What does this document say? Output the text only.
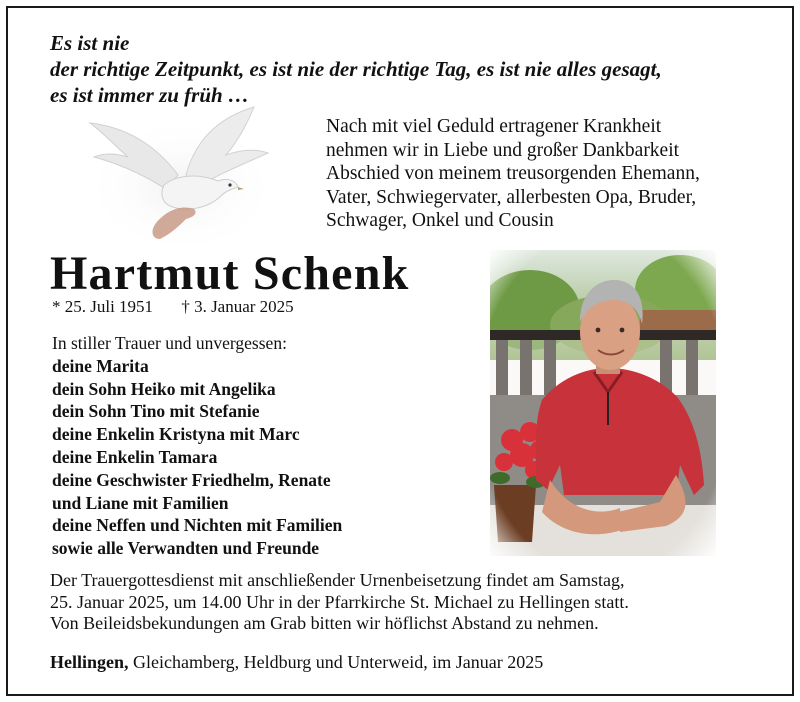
Es ist nie
der richtige Zeitpunkt, es ist nie der richtige Tag, es ist nie alles gesagt,
es ist immer zu früh …
Nach mit viel Geduld ertragener Krankheit
nehmen wir in Liebe und großer Dankbarkeit
Abschied von meinem treusorgenden Ehemann,
Vater, Schwiegervater, allerbesten Opa, Bruder,
Schwager, Onkel und Cousin
Hartmut Schenk
* 25. Juli 1951 † 3. Januar 2025
In stiller Trauer und unvergessen:
deine Marita
dein Sohn Heiko mit Angelika
dein Sohn Tino mit Stefanie
deine Enkelin Kristyna mit Marc
deine Enkelin Tamara
deine Geschwister Friedhelm, Renate
und Liane mit Familien
deine Neffen und Nichten mit Familien
sowie alle Verwandten und Freunde
Der Trauergottesdienst mit anschließender Urnenbeisetzung findet am Samstag,
25. Januar 2025, um 14.00 Uhr in der Pfarrkirche St. Michael zu Hellingen statt.
Von Beileidsbekundungen am Grab bitten wir höflichst Abstand zu nehmen.
Hellingen, Gleichamberg, Heldburg und Unterweid, im Januar 2025
